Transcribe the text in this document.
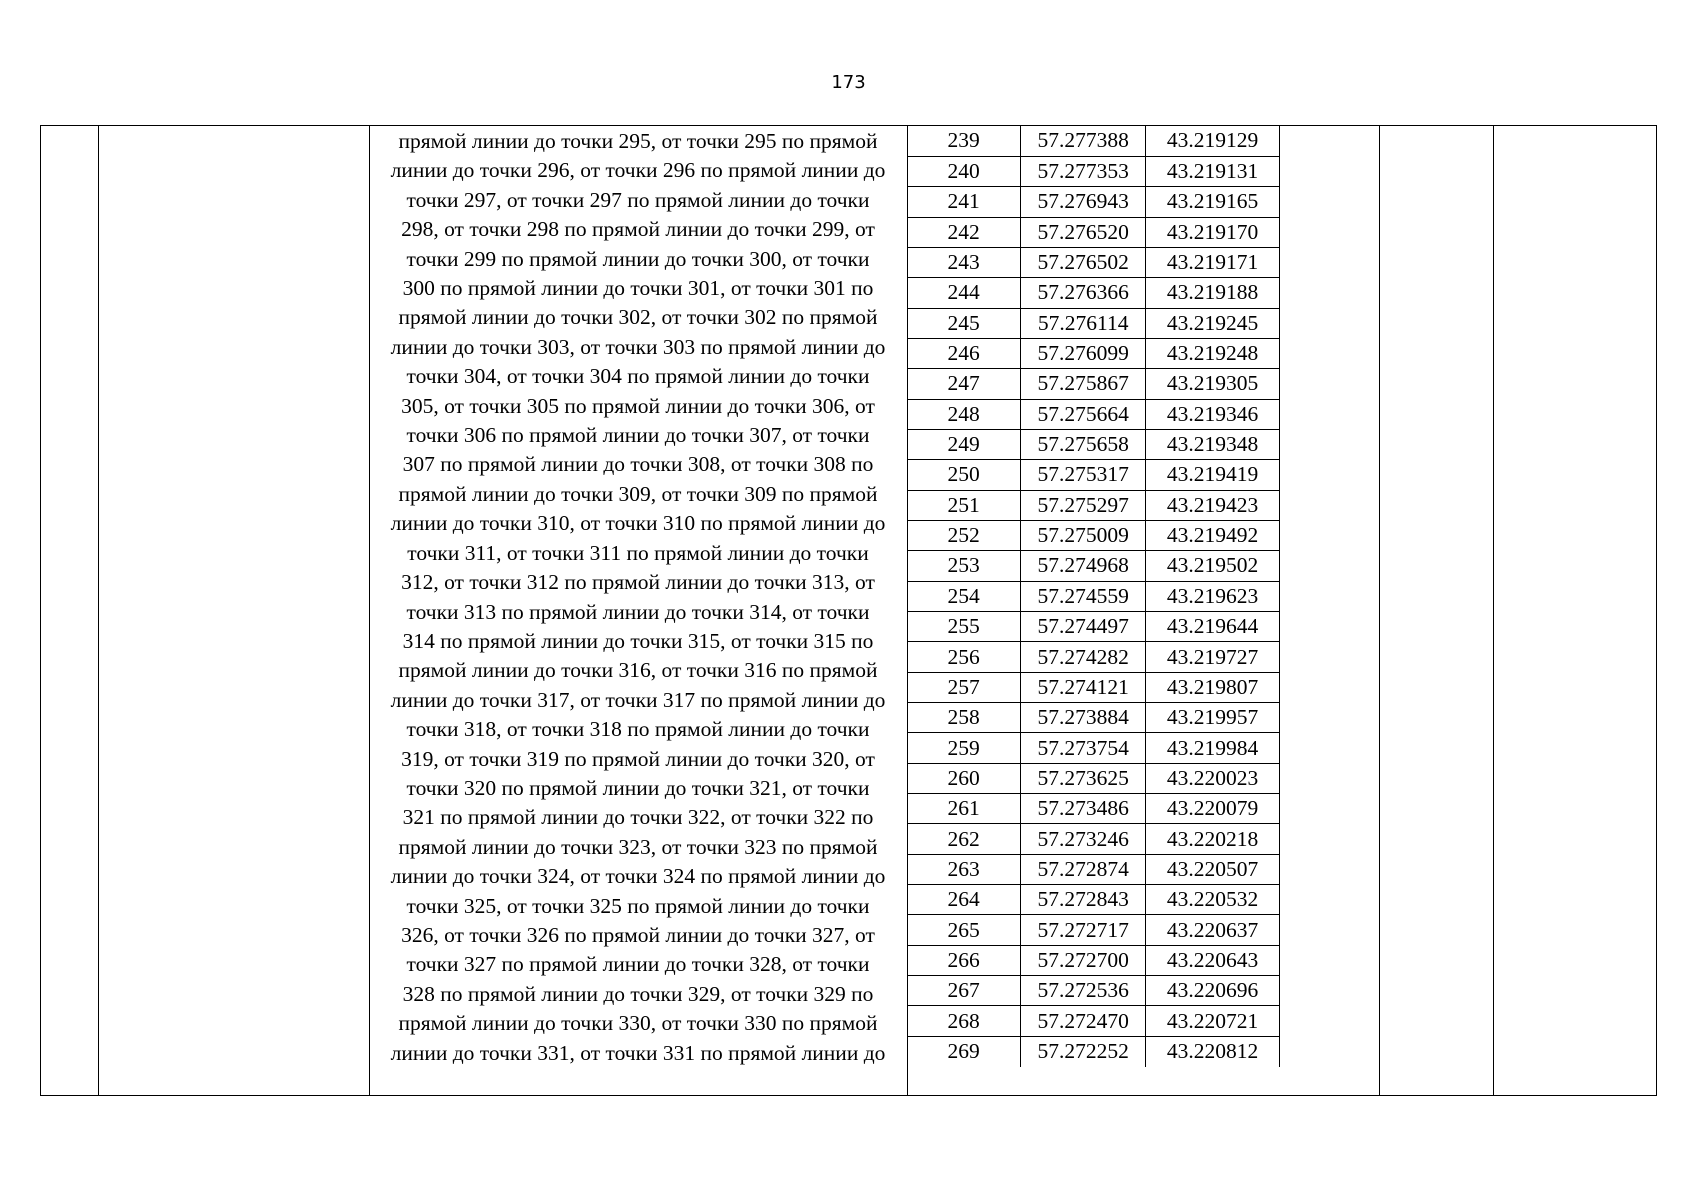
173
прямой линии до точки 295, от точки 295 по прямой
линии до точки 296, от точки 296 по прямой линии до
точки 297, от точки 297 по прямой линии до точки
298, от точки 298 по прямой линии до точки 299, от
точки 299 по прямой линии до точки 300, от точки
300 по прямой линии до точки 301, от точки 301 по
прямой линии до точки 302, от точки 302 по прямой
линии до точки 303, от точки 303 по прямой линии до
точки 304, от точки 304 по прямой линии до точки
305, от точки 305 по прямой линии до точки 306, от
точки 306 по прямой линии до точки 307, от точки
307 по прямой линии до точки 308, от точки 308 по
прямой линии до точки 309, от точки 309 по прямой
линии до точки 310, от точки 310 по прямой линии до
точки 311, от точки 311 по прямой линии до точки
312, от точки 312 по прямой линии до точки 313, от
точки 313 по прямой линии до точки 314, от точки
314 по прямой линии до точки 315, от точки 315 по
прямой линии до точки 316, от точки 316 по прямой
линии до точки 317, от точки 317 по прямой линии до
точки 318, от точки 318 по прямой линии до точки
319, от точки 319 по прямой линии до точки 320, от
точки 320 по прямой линии до точки 321, от точки
321 по прямой линии до точки 322, от точки 322 по
прямой линии до точки 323, от точки 323 по прямой
линии до точки 324, от точки 324 по прямой линии до
точки 325, от точки 325 по прямой линии до точки
326, от точки 326 по прямой линии до точки 327, от
точки 327 по прямой линии до точки 328, от точки
328 по прямой линии до точки 329, от точки 329 по
прямой линии до точки 330, от точки 330 по прямой
линии до точки 331, от точки 331 по прямой линии до
239	57.277388	43.219129
240	57.277353	43.219131
241	57.276943	43.219165
242	57.276520	43.219170
243	57.276502	43.219171
244	57.276366	43.219188
245	57.276114	43.219245
246	57.276099	43.219248
247	57.275867	43.219305
248	57.275664	43.219346
249	57.275658	43.219348
250	57.275317	43.219419
251	57.275297	43.219423
252	57.275009	43.219492
253	57.274968	43.219502
254	57.274559	43.219623
255	57.274497	43.219644
256	57.274282	43.219727
257	57.274121	43.219807
258	57.273884	43.219957
259	57.273754	43.219984
260	57.273625	43.220023
261	57.273486	43.220079
262	57.273246	43.220218
263	57.272874	43.220507
264	57.272843	43.220532
265	57.272717	43.220637
266	57.272700	43.220643
267	57.272536	43.220696
268	57.272470	43.220721
269	57.272252	43.220812
